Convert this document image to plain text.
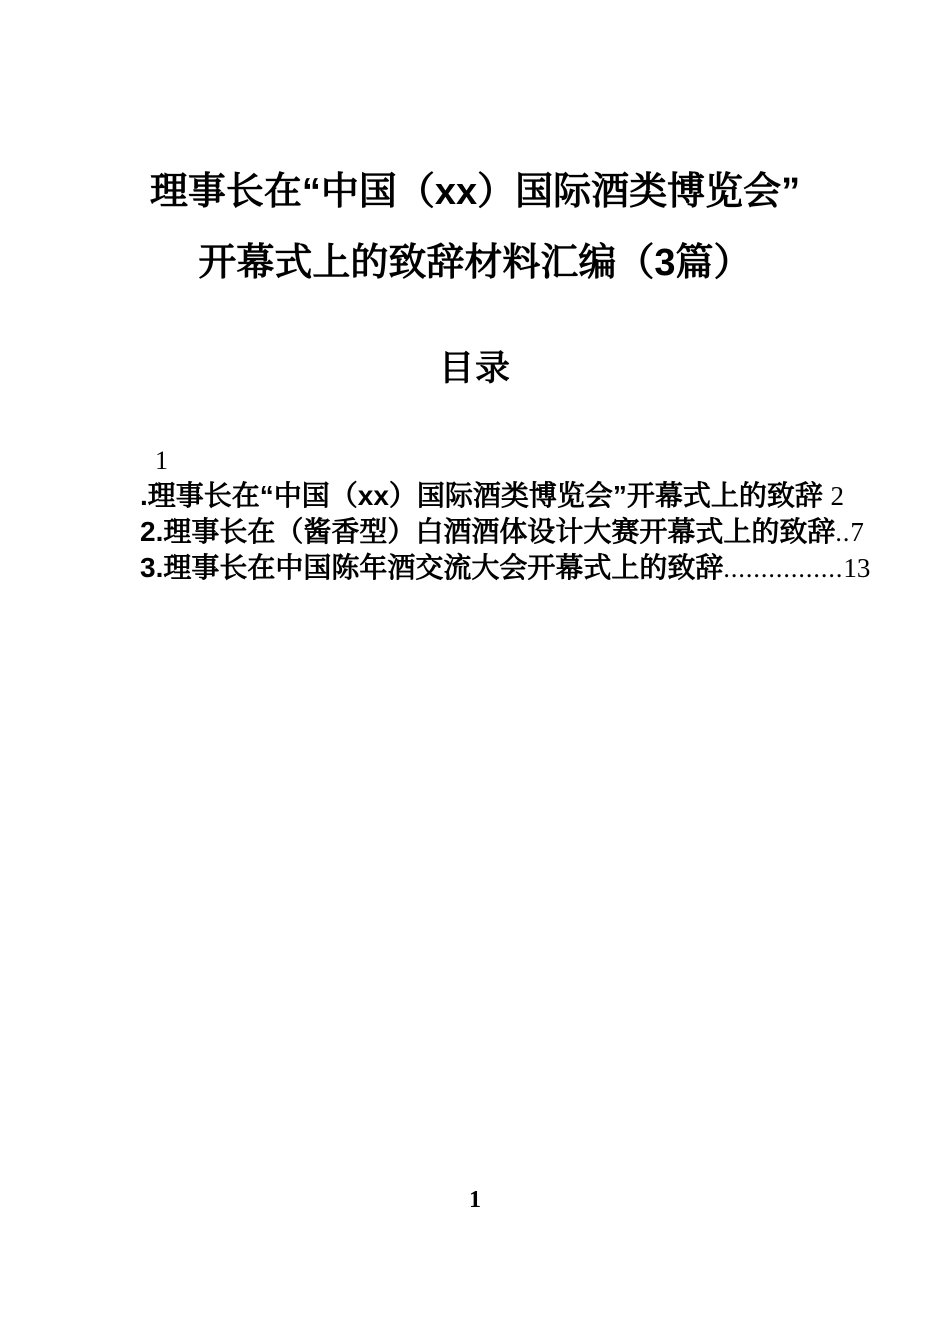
理事长在“中国（xx）国际酒类博览会”
开幕式上的致辞材料汇编（3篇）
目录
1
.理事长在“中国（xx）国际酒类博览会”开幕式上的致辞 2
2.理事长在（酱香型）白酒酒体设计大赛开幕式上的致辞..7
3.理事长在中国陈年酒交流大会开幕式上的致辞................13
1
